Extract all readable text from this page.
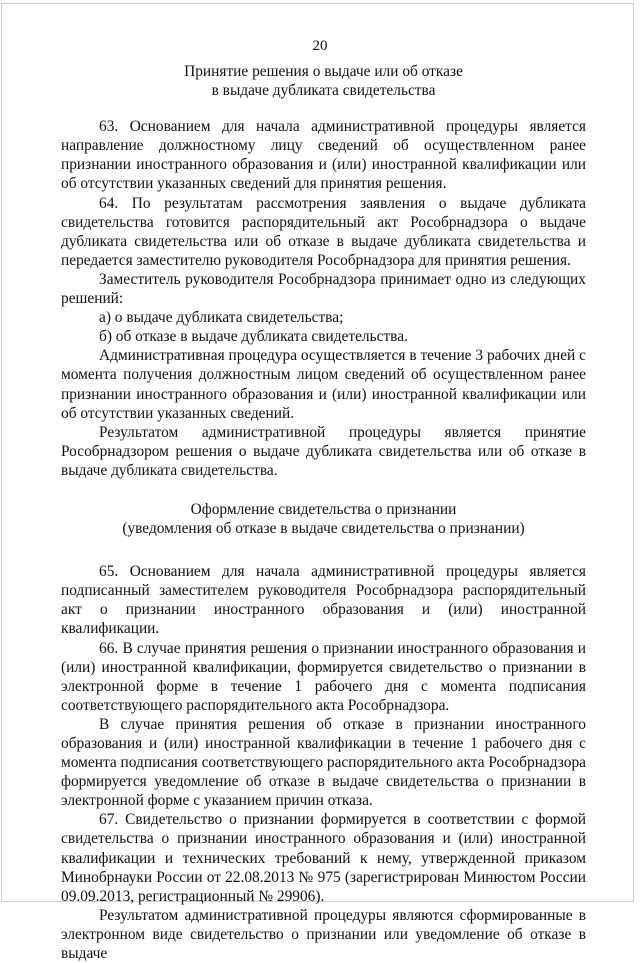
20
Принятие решения о выдаче или об отказе
в выдаче дубликата свидетельства

63. Основанием для начала административной процедуры является направление должностному лицу сведений об осуществленном ранее признании иностранного образования и (или) иностранной квалификации или об отсутствии указанных сведений для принятия решения.

64. По результатам рассмотрения заявления о выдаче дубликата свидетельства готовится распорядительный акт Рособрнадзора о выдаче дубликата свидетельства или об отказе в выдаче дубликата свидетельства и передается заместителю руководителя Рособрнадзора для принятия решения.

Заместитель руководителя Рособрнадзора принимает одно из следующих решений:

а) о выдаче дубликата свидетельства;

б) об отказе в выдаче дубликата свидетельства.

Административная процедура осуществляется в течение 3 рабочих дней с момента получения должностным лицом сведений об осуществленном ранее признании иностранного образования и (или) иностранной квалификации или об отсутствии указанных сведений.

Результатом административной процедуры является принятие Рособрнадзором решения о выдаче дубликата свидетельства или об отказе в выдаче дубликата свидетельства.

Оформление свидетельства о признании
(уведомления об отказе в выдаче свидетельства о признании)

65. Основанием для начала административной процедуры является подписанный заместителем руководителя Рособрнадзора распорядительный акт о признании иностранного образования и (или) иностранной квалификации.

66. В случае принятия решения о признании иностранного образования и (или) иностранной квалификации, формируется свидетельство о признании в электронной форме в течение 1 рабочего дня с момента подписания соответствующего распорядительного акта Рособрнадзора.

В случае принятия решения об отказе в признании иностранного образования и (или) иностранной квалификации в течение 1 рабочего дня с момента подписания соответствующего распорядительного акта Рособрнадзора формируется уведомление об отказе в выдаче свидетельства о признании в электронной форме с указанием причин отказа.

67. Свидетельство о признании формируется в соответствии с формой свидетельства о признании иностранного образования и (или) иностранной квалификации и технических требований к нему, утвержденной приказом Минобрнауки России от 22.08.2013 № 975 (зарегистрирован Минюстом России 09.09.2013, регистрационный № 29906).

Результатом административной процедуры являются сформированные в электронном виде свидетельство о признании или уведомление об отказе в выдаче
